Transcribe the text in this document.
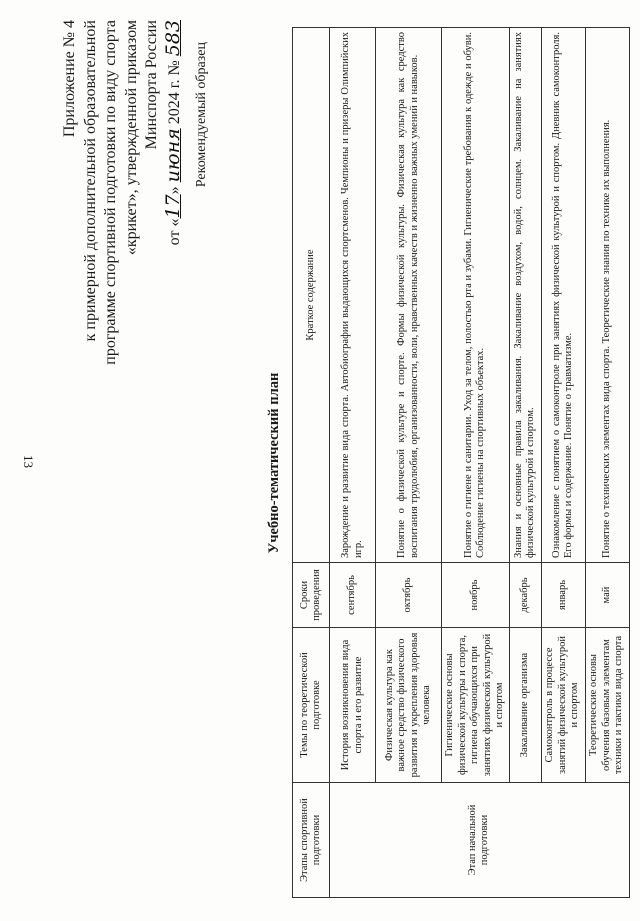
13
Приложение № 4 к примерной дополнительной образовательной программе спортивной подготовки по виду спорта «крикет», утвержденной приказом Минспорта России
от «17» июня 2024 г. № 583
Рекомендуемый образец
Учебно-тематический план
Этапы спортивной подготовки	Темы по теоретической подготовке	Сроки проведения	Краткое содержание
Этап начальной подготовки	История возникновения вида спорта и его развитие	сентябрь	Зарождение и развитие вида спорта. Автобиографии выдающихся спортсменов. Чемпионы и призеры Олимпийских игр.
	Физическая культура как важное средство физического развития и укрепления здоровья человека	октябрь	Понятие о физической культуре и спорте. Формы физической культуры. Физическая культура как средство воспитания трудолюбия, организованности, воли, нравственных качеств и жизненно важных умений и навыков.
	Гигиенические основы физической культуры и спорта, гигиена обучающихся при занятиях физической культурой и спортом	ноябрь	Понятие о гигиене и санитарии. Уход за телом, полостью рта и зубами. Гигиенические требования к одежде и обуви. Соблюдение гигиены на спортивных объектах.
	Закаливание организма	декабрь	Знания и основные правила закаливания. Закаливание воздухом, водой, солнцем. Закаливание на занятиях физической культурой и спортом.
	Самоконтроль в процессе занятий физической культурой и спортом	январь	Ознакомление с понятием о самоконтроле при занятиях физической культурой и спортом. Дневник самоконтроля. Его формы и содержание. Понятие о травматизме.
	Теоретические основы обучения базовым элементам техники и тактики вида спорта	май	Понятие о технических элементах вида спорта. Теоретические знания по технике их выполнения.
